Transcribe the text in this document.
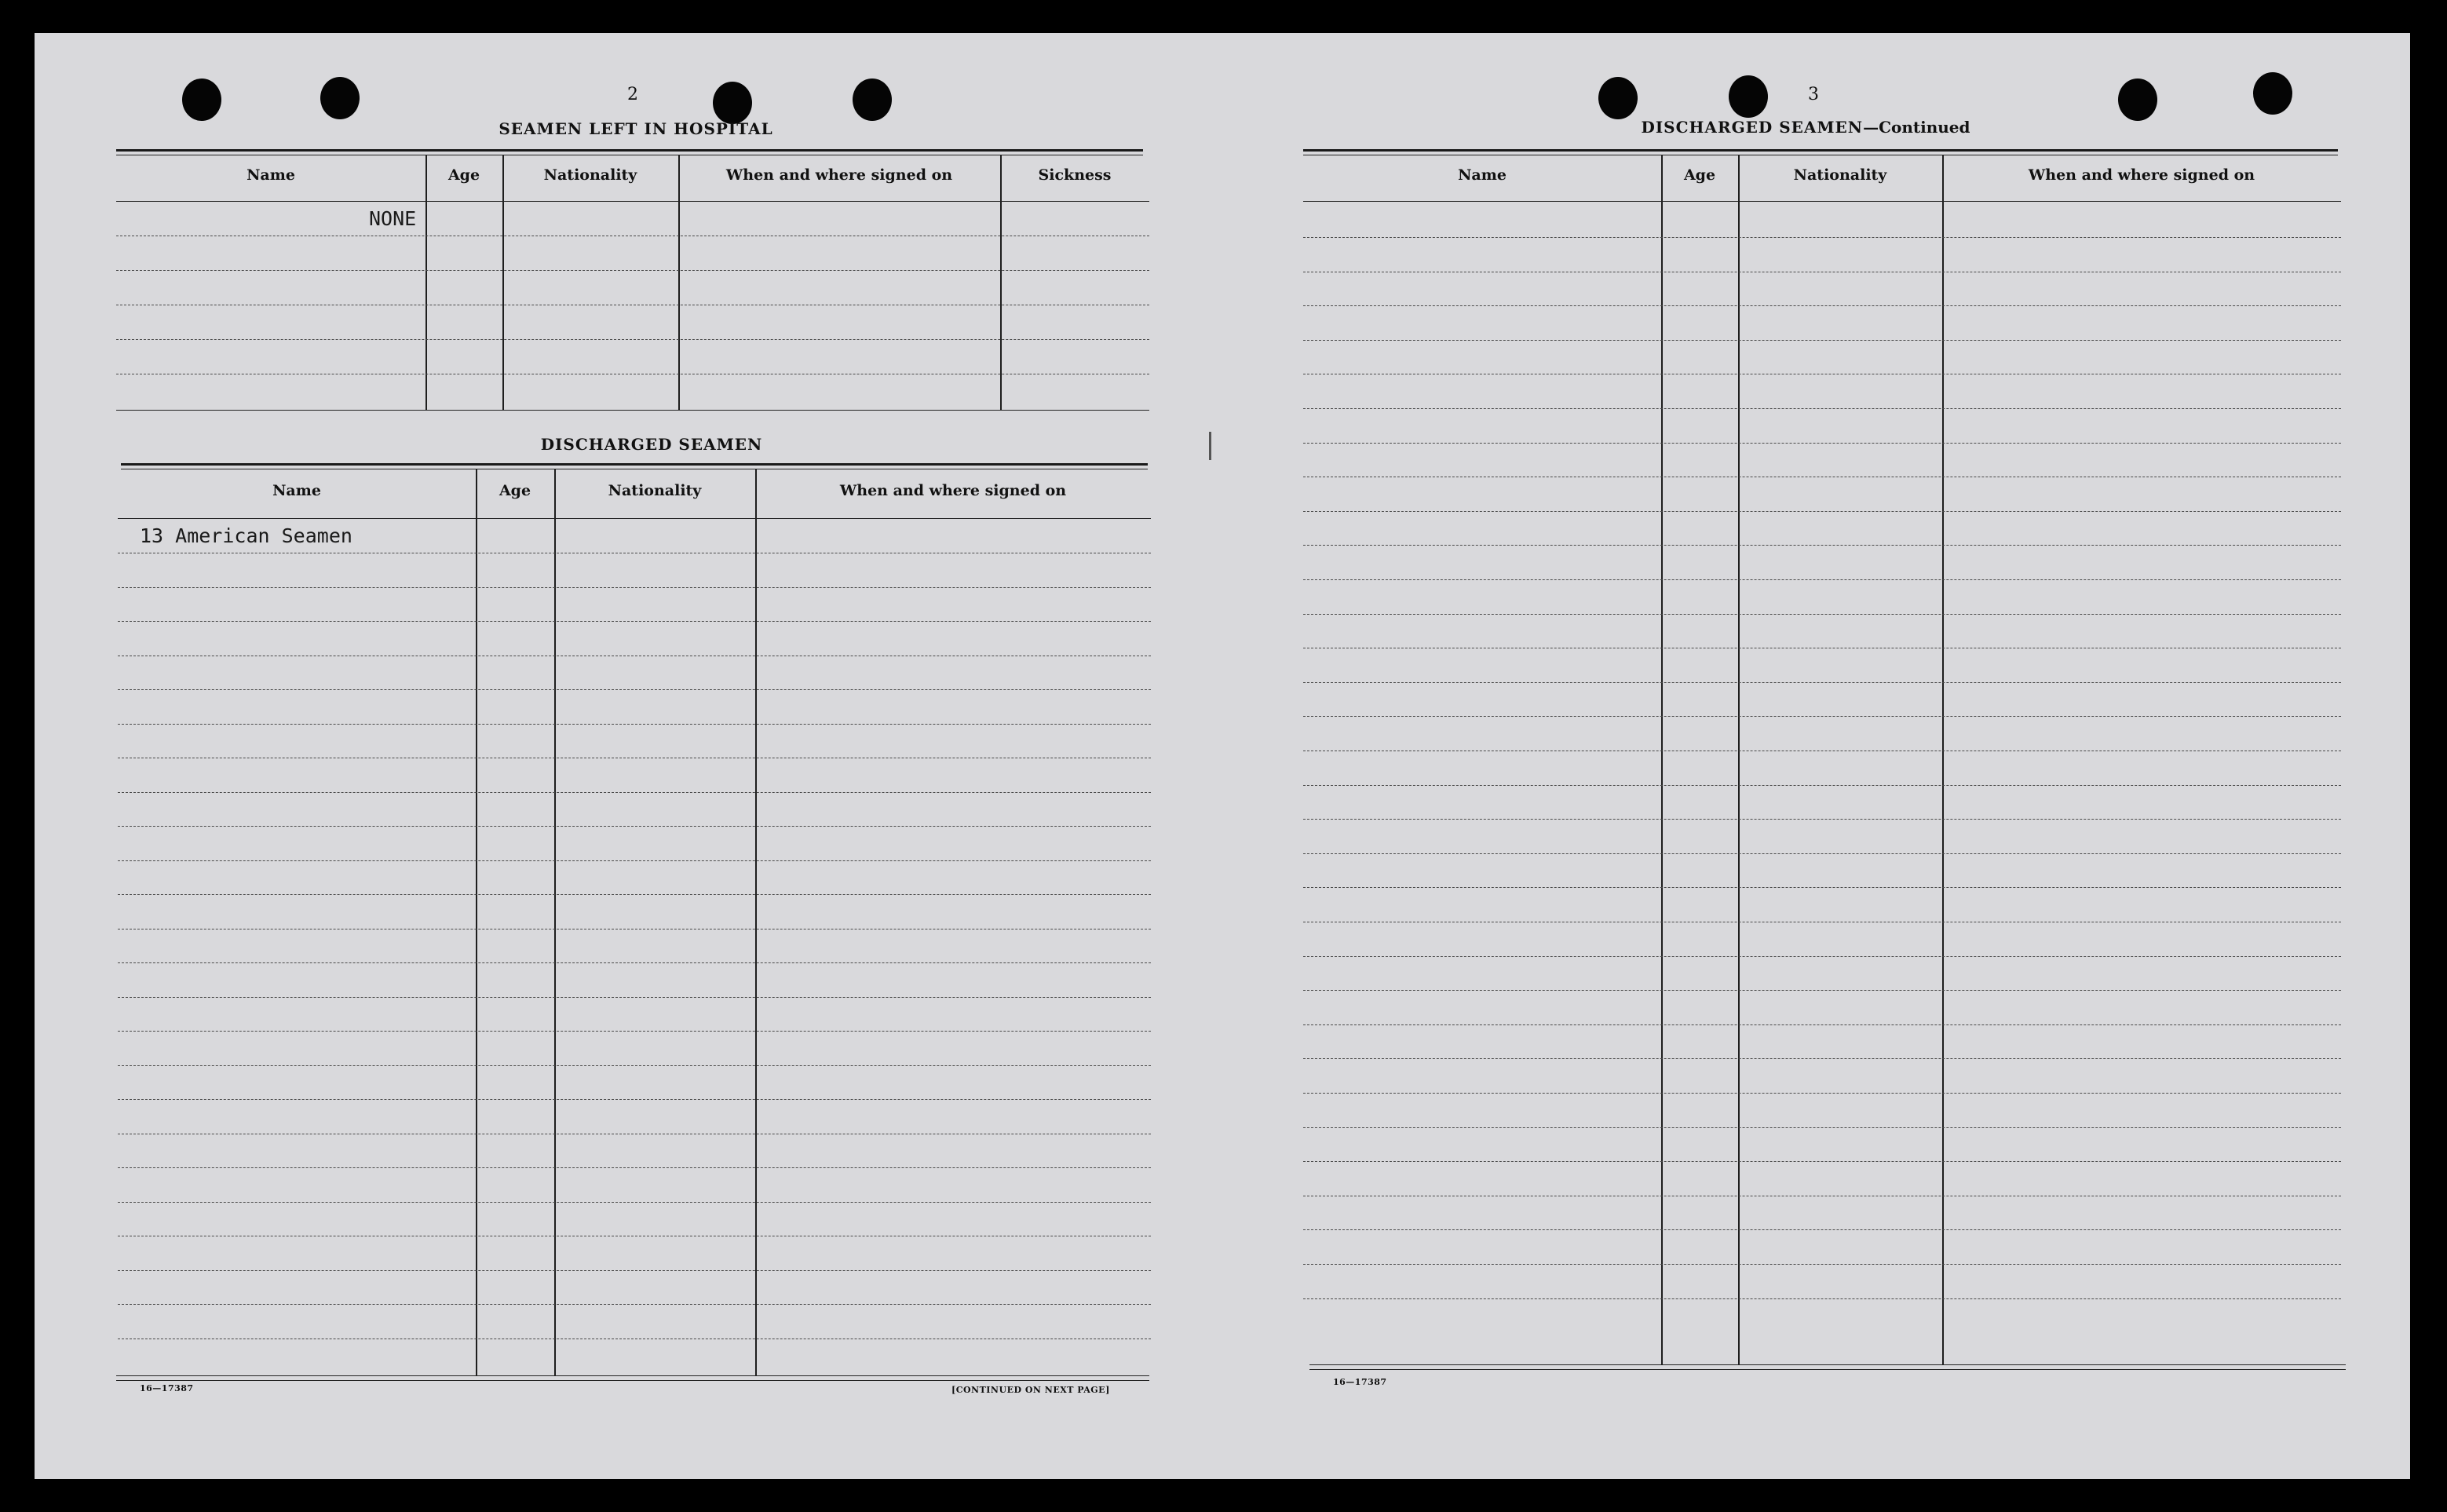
2
SEAMEN LEFT IN HOSPITAL
Name	Age	Nationality	When and where signed on	Sickness
NONE
DISCHARGED SEAMEN
Name	Age	Nationality	When and where signed on
13 American Seamen
16—17387	[CONTINUED ON NEXT PAGE]
3
DISCHARGED SEAMEN—Continued
Name	Age	Nationality	When and where signed on
16—17387
